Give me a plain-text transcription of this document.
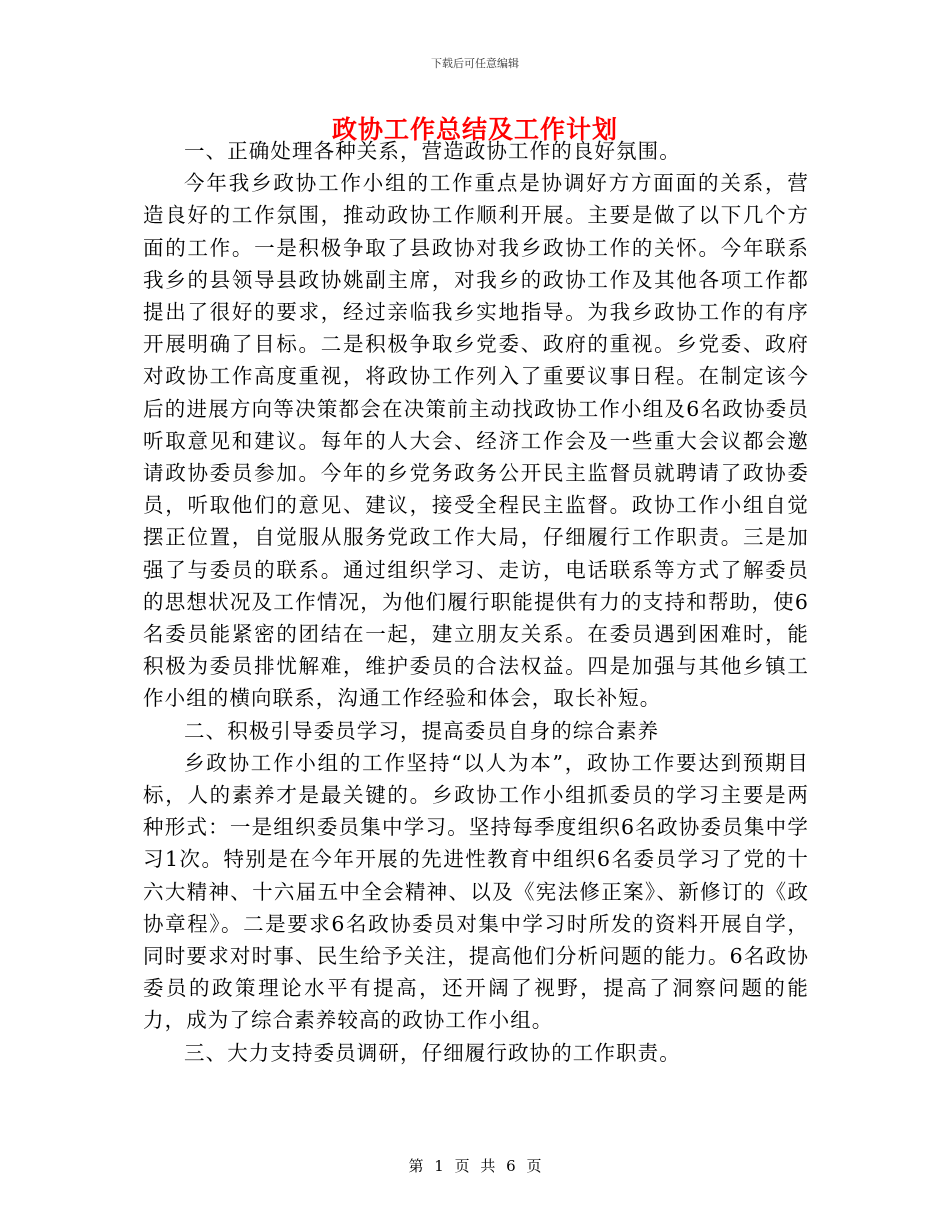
下载后可任意编辑
政协工作总结及工作计划

一、正确处理各种关系，营造政协工作的良好氛围。

今年我乡政协工作小组的工作重点是协调好方方面面的关系，营造良好的工作氛围，推动政协工作顺利开展。主要是做了以下几个方面的工作。一是积极争取了县政协对我乡政协工作的关怀。今年联系我乡的县领导县政协姚副主席，对我乡的政协工作及其他各项工作都提出了很好的要求，经过亲临我乡实地指导。为我乡政协工作的有序开展明确了目标。二是积极争取乡党委、政府的重视。乡党委、政府对政协工作高度重视，将政协工作列入了重要议事日程。在制定该今后的进展方向等决策都会在决策前主动找政协工作小组及6名政协委员听取意见和建议。每年的人大会、经济工作会及一些重大会议都会邀请政协委员参加。今年的乡党务政务公开民主监督员就聘请了政协委员，听取他们的意见、建议，接受全程民主监督。政协工作小组自觉摆正位置，自觉服从服务党政工作大局，仔细履行工作职责。三是加强了与委员的联系。通过组织学习、走访，电话联系等方式了解委员的思想状况及工作情况，为他们履行职能提供有力的支持和帮助，使6名委员能紧密的团结在一起，建立朋友关系。在委员遇到困难时，能积极为委员排忧解难，维护委员的合法权益。四是加强与其他乡镇工作小组的横向联系，沟通工作经验和体会，取长补短。

二、积极引导委员学习，提高委员自身的综合素养

乡政协工作小组的工作坚持“以人为本”，政协工作要达到预期目标，人的素养才是最关键的。乡政协工作小组抓委员的学习主要是两种形式：一是组织委员集中学习。坚持每季度组织6名政协委员集中学习1次。特别是在今年开展的先进性教育中组织6名委员学习了党的十六大精神、十六届五中全会精神、以及《宪法修正案》、新修订的《政协章程》。二是要求6名政协委员对集中学习时所发的资料开展自学，同时要求对时事、民生给予关注，提高他们分析问题的能力。6名政协委员的政策理论水平有提高，还开阔了视野，提高了洞察问题的能力，成为了综合素养较高的政协工作小组。

三、大力支持委员调研，仔细履行政协的工作职责。

第 1 页 共 6 页
